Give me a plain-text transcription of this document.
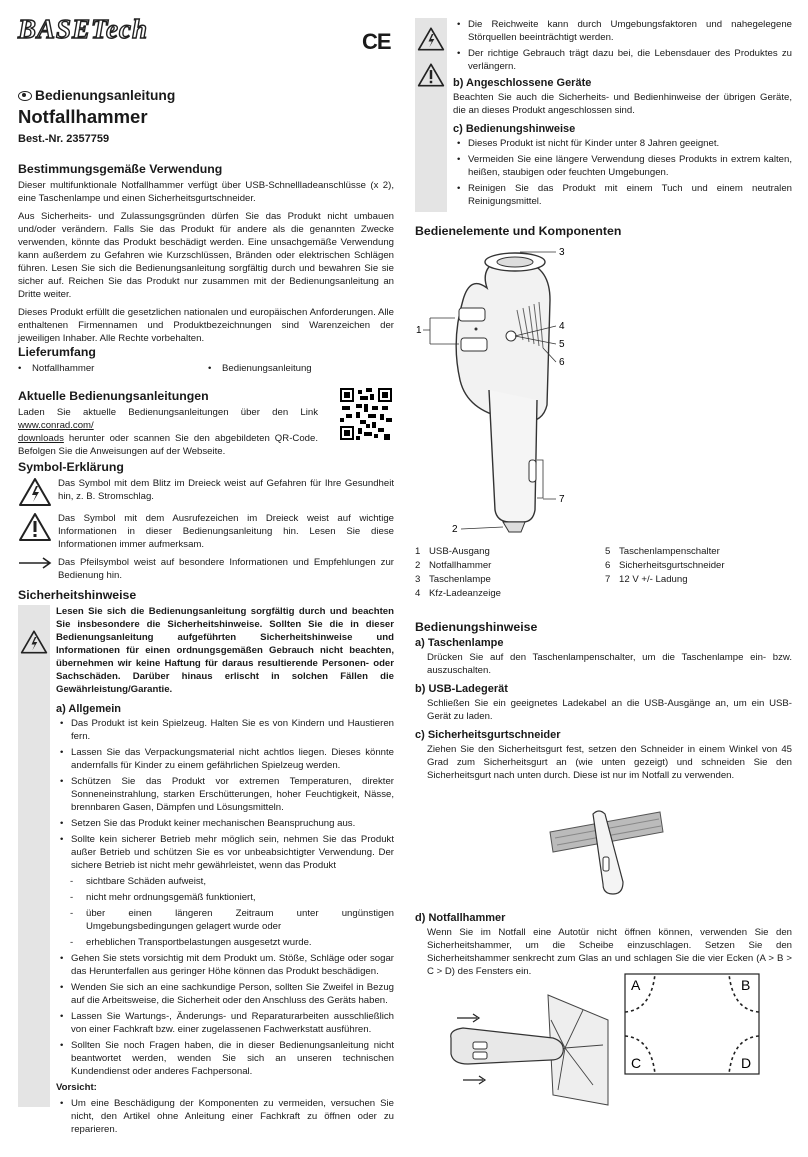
BASETech	CE
Bedienungsanleitung
Notfallhammer
Best.-Nr. 2357759
Bestimmungsgemäße Verwendung

Dieser multifunktionale Notfallhammer verfügt über USB-Schnellladeanschlüsse (x 2), eine Taschenlampe und einen Sicherheitsgurtschneider.

Aus Sicherheits- und Zulassungsgründen dürfen Sie das Produkt nicht umbauen und/oder verändern. Falls Sie das Produkt für andere als die genannten Zwecke verwenden, könnte das Produkt beschädigt werden. Eine unsachgemäße Verwendung kann außerdem zu Gefahren wie Kurzschlüssen, Bränden oder elektrischen Schlägen führen. Lesen Sie sich die Bedienungsanleitung sorgfältig durch und bewahren Sie sie sicher auf. Reichen Sie das Produkt nur zusammen mit der Bedienungsanleitung an Dritte weiter.

Dieses Produkt erfüllt die gesetzlichen nationalen und europäischen Anforderungen. Alle enthaltenen Firmennamen und Produktbezeichnungen sind Warenzeichen der jeweiligen Inhaber. Alle Rechte vorbehalten.

Lieferumfang

• Notfallhammer	• Bedienungsanleitung

Aktuelle Bedienungsanleitungen

Laden Sie aktuelle Bedienungsanleitungen über den Link www.conrad.com/
downloads herunter oder scannen Sie den abgebildeten QR-Code. Befolgen Sie die Anweisungen auf der Webseite.

Symbol-Erklärung

Das Symbol mit dem Blitz im Dreieck weist auf Gefahren für Ihre Gesundheit hin, z. B. Stromschlag.

Das Symbol mit dem Ausrufezeichen im Dreieck weist auf wichtige Informationen in dieser Bedienungsanleitung hin. Lesen Sie diese Informationen immer aufmerksam.

Das Pfeilsymbol weist auf besondere Informationen und Empfehlungen zur Bedienung hin.

Sicherheitshinweise

Lesen Sie sich die Bedienungsanleitung sorgfältig durch und beachten Sie insbesondere die Sicherheitshinweise. Sollten Sie die in dieser Bedienungsanleitung aufgeführten Sicherheitshinweise und Informationen für einen ordnungsgemäßen Gebrauch nicht beachten, übernehmen wir keine Haftung für daraus resultierende Personen- oder Sachschäden. Darüber hinaus erlischt in solchen Fällen die Gewährleistung/Garantie.

a) Allgemein
• Das Produkt ist kein Spielzeug. Halten Sie es von Kindern und Haustieren fern.
• Lassen Sie das Verpackungsmaterial nicht achtlos liegen. Dieses könnte andernfalls für Kinder zu einem gefährlichen Spielzeug werden.
• Schützen Sie das Produkt vor extremen Temperaturen, direkter Sonneneinstrahlung, starken Erschütterungen, hoher Feuchtigkeit, Nässe, brennbaren Gasen, Dämpfen und Lösungsmitteln.
• Setzen Sie das Produkt keiner mechanischen Beanspruchung aus.
• Sollte kein sicherer Betrieb mehr möglich sein, nehmen Sie das Produkt außer Betrieb und schützen Sie es vor unbeabsichtigter Verwendung. Der sichere Betrieb ist nicht mehr gewährleistet, wenn das Produkt
- sichtbare Schäden aufweist,
- nicht mehr ordnungsgemäß funktioniert,
- über einen längeren Zeitraum unter ungünstigen Umgebungsbedingungen gelagert wurde oder
- erheblichen Transportbelastungen ausgesetzt wurde.
• Gehen Sie stets vorsichtig mit dem Produkt um. Stöße, Schläge oder sogar das Herunterfallen aus geringer Höhe können das Produkt beschädigen.
• Wenden Sie sich an eine sachkundige Person, sollten Sie Zweifel in Bezug auf die Arbeitsweise, die Sicherheit oder den Anschluss des Geräts haben.
• Lassen Sie Wartungs-, Änderungs- und Reparaturarbeiten ausschließlich von einer Fachkraft bzw. einer zugelassenen Fachwerkstatt ausführen.
• Sollten Sie noch Fragen haben, die in dieser Bedienungsanleitung nicht beantwortet werden, wenden Sie sich an unseren technischen Kundendienst oder anderes Fachpersonal.

Vorsicht:

• Um eine Beschädigung der Komponenten zu vermeiden, versuchen Sie nicht, den Artikel ohne Anleitung einer Fachkraft zu öffnen oder zu reparieren.
• Die Reichweite kann durch Umgebungsfaktoren und nahegelegene Störquellen beeinträchtigt werden.
• Der richtige Gebrauch trägt dazu bei, die Lebensdauer des Produktes zu verlängern.
b) Angeschlossene Geräte

Beachten Sie auch die Sicherheits- und Bedienhinweise der übrigen Geräte, die an dieses Produkt angeschlossen sind.

c) Bedienungshinweise
• Dieses Produkt ist nicht für Kinder unter 8 Jahren geeignet.
• Vermeiden Sie eine längere Verwendung dieses Produkts in extrem kalten, heißen, staubigen oder feuchten Umgebungen.
• Reinigen Sie das Produkt mit einem Tuch und einem neutralen Reinigungsmittel.
Bedienelemente und Komponenten
1
3
4
5
6
7
2
1 USB-Ausgang	5 Taschenlampenschalter
2 Notfallhammer	6 Sicherheitsgurtschneider
3 Taschenlampe	7 12 V +/- Ladung
4 Kfz-Ladeanzeige
Bedienungshinweise
a) Taschenlampe

Drücken Sie auf den Taschenlampenschalter, um die Taschenlampe ein- bzw. auszuschalten.

b) USB-Ladegerät

Schließen Sie ein geeignetes Ladekabel an die USB-Ausgänge an, um ein USB-Gerät zu laden.

c) Sicherheitsgurtschneider

Ziehen Sie den Sicherheitsgurt fest, setzen den Schneider in einem Winkel von 45 Grad zum Sicherheitsgurt an (wie unten gezeigt) und schneiden Sie den Sicherheitsgurt nach unten durch. Diese ist nur im Notfall zu verwenden.

d) Notfallhammer

Wenn Sie im Notfall eine Autotür nicht öffnen können, verwenden Sie den Sicherheitshammer, um die Scheibe einzuschlagen. Setzen Sie den Sicherheitshammer senkrecht zum Glas an und schlagen Sie die vier Ecken (A > B > C > D) des Fensters ein.

A	B
C	D
